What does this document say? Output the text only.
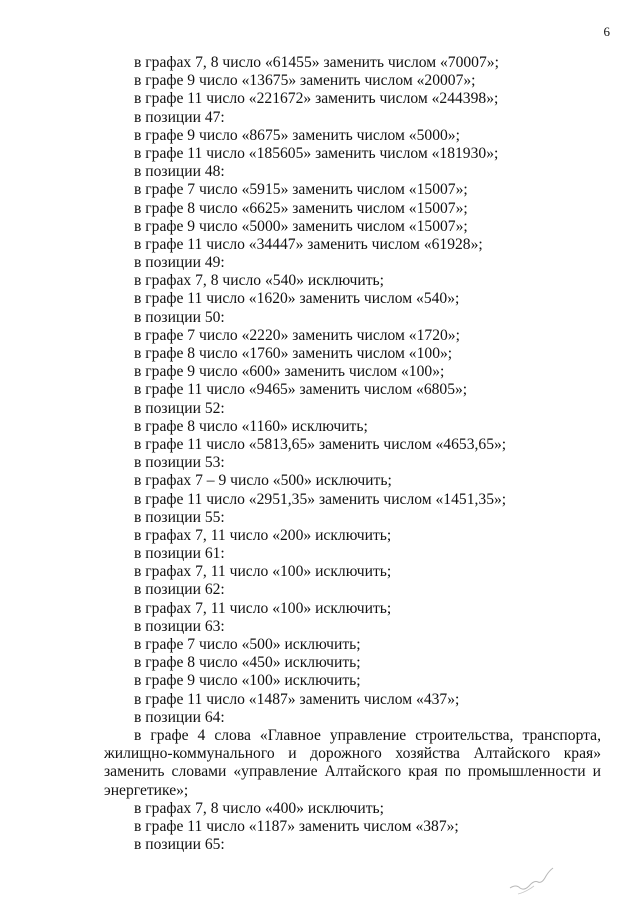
6
в графах 7, 8 число «61455» заменить числом «70007»;
в графе 9 число «13675» заменить числом «20007»;
в графе 11 число «221672» заменить числом «244398»;
в позиции 47:
в графе 9 число «8675» заменить числом «5000»;
в графе 11 число «185605» заменить числом «181930»;
в позиции 48:
в графе 7 число «5915» заменить числом «15007»;
в графе 8 число «6625» заменить числом «15007»;
в графе 9 число «5000» заменить числом «15007»;
в графе 11 число «34447» заменить числом «61928»;
в позиции 49:
в графах 7, 8 число «540» исключить;
в графе 11 число «1620» заменить числом «540»;
в позиции 50:
в графе 7 число «2220» заменить числом «1720»;
в графе 8 число «1760» заменить числом «100»;
в графе 9 число «600» заменить числом «100»;
в графе 11 число «9465» заменить числом «6805»;
в позиции 52:
в графе 8 число «1160» исключить;
в графе 11 число «5813,65» заменить числом «4653,65»;
в позиции 53:
в графах 7 – 9 число «500» исключить;
в графе 11 число «2951,35» заменить числом «1451,35»;
в позиции 55:
в графах 7, 11 число «200» исключить;
в позиции 61:
в графах 7, 11 число «100» исключить;
в позиции 62:
в графах 7, 11 число «100» исключить;
в позиции 63:
в графе 7 число «500» исключить;
в графе 8 число «450» исключить;
в графе 9 число «100» исключить;
в графе 11 число «1487» заменить числом «437»;
в позиции 64:
в графе 4 слова «Главное управление строительства, транспорта, жилищно-коммунального и дорожного хозяйства Алтайского края» заменить словами «управление Алтайского края по промышленности и энергетике»;
в графах 7, 8 число «400» исключить;
в графе 11 число «1187» заменить числом «387»;
в позиции 65:
